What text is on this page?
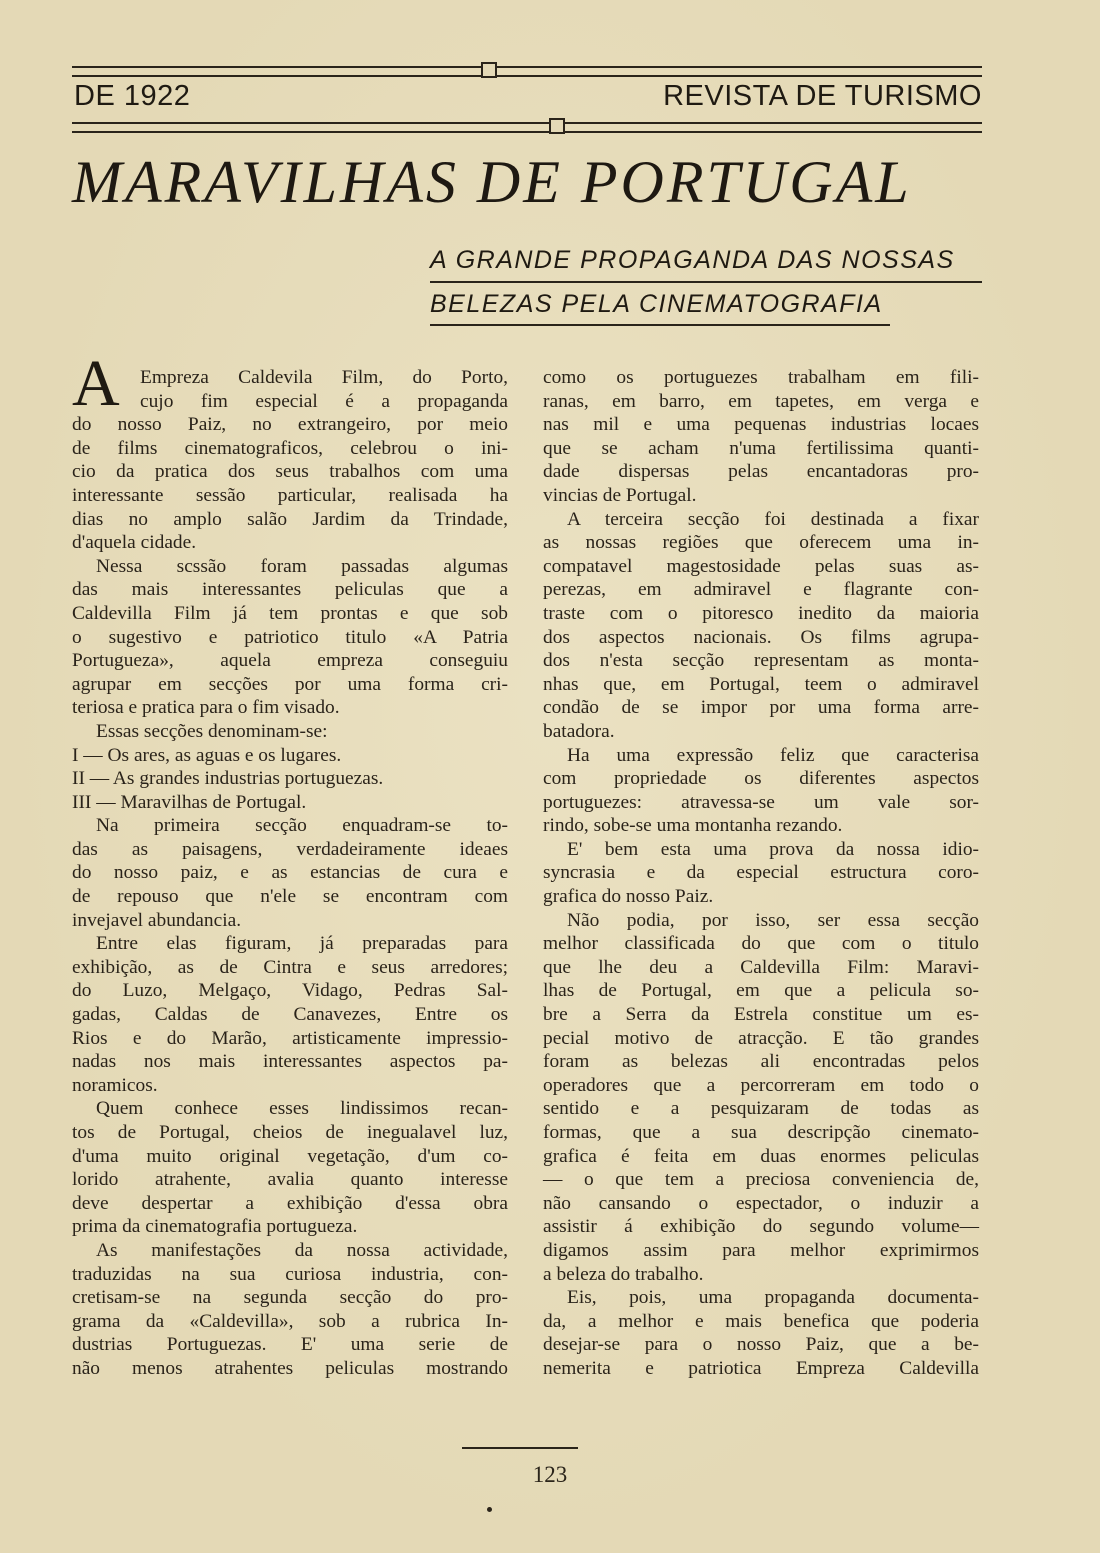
DE 1922	REVISTA DE TURISMO
MARAVILHAS DE PORTUGAL
A GRANDE PROPAGANDA DAS NOSSAS
BELEZAS PELA CINEMATOGRAFIA
A	Empreza Caldevila Film, do Porto,
cujo fim especial é a propaganda
do nosso Paiz, no extrangeiro, por meio
de films cinematograficos, celebrou o ini-
cio da pratica dos seus trabalhos com uma
interessante sessão particular, realisada ha
dias no amplo salão Jardim da Trindade,
d'aquela cidade.
Nessa scssão foram passadas algumas
das mais interessantes peliculas que a
Caldevilla Film já tem prontas e que sob
o sugestivo e patriotico titulo «A Patria
Portugueza», aquela empreza conseguiu
agrupar em secções por uma forma cri-
teriosa e pratica para o fim visado.
Essas secções denominam-se:
I — Os ares, as aguas e os lugares.
II — As grandes industrias portuguezas.
III — Maravilhas de Portugal.
Na primeira secção enquadram-se to-
das as paisagens, verdadeiramente ideaes
do nosso paiz, e as estancias de cura e
de repouso que n'ele se encontram com
invejavel abundancia.
Entre elas figuram, já preparadas para
exhibição, as de Cintra e seus arredores;
do Luzo, Melgaço, Vidago, Pedras Sal-
gadas, Caldas de Canavezes, Entre os
Rios e do Marão, artisticamente impressio-
nadas nos mais interessantes aspectos pa-
noramicos.
Quem conhece esses lindissimos recan-
tos de Portugal, cheios de inegualavel luz,
d'uma muito original vegetação, d'um co-
lorido atrahente, avalia quanto interesse
deve despertar a exhibição d'essa obra
prima da cinematografia portugueza.
As manifestações da nossa actividade,
traduzidas na sua curiosa industria, con-
cretisam-se na segunda secção do pro-
grama da «Caldevilla», sob a rubrica In-
dustrias Portuguezas. E' uma serie de
não menos atrahentes peliculas mostrando
como os portuguezes trabalham em fili-
ranas, em barro, em tapetes, em verga e
nas mil e uma pequenas industrias locaes
que se acham n'uma fertilissima quanti-
dade dispersas pelas encantadoras pro-
vincias de Portugal.
A terceira secção foi destinada a fixar
as nossas regiões que oferecem uma in-
compatavel magestosidade pelas suas as-
perezas, em admiravel e flagrante con-
traste com o pitoresco inedito da maioria
dos aspectos nacionais. Os films agrupa-
dos n'esta secção representam as monta-
nhas que, em Portugal, teem o admiravel
condão de se impor por uma forma arre-
batadora.
Ha uma expressão feliz que caracterisa
com propriedade os diferentes aspectos
portuguezes: atravessa-se um vale sor-
rindo, sobe-se uma montanha rezando.
E' bem esta uma prova da nossa idio-
syncrasia e da especial estructura coro-
grafica do nosso Paiz.
Não podia, por isso, ser essa secção
melhor classificada do que com o titulo
que lhe deu a Caldevilla Film: Maravi-
lhas de Portugal, em que a pelicula so-
bre a Serra da Estrela constitue um es-
pecial motivo de atracção. E tão grandes
foram as belezas ali encontradas pelos
operadores que a percorreram em todo o
sentido e a pesquizaram de todas as
formas, que a sua descripção cinemato-
grafica é feita em duas enormes peliculas
— o que tem a preciosa conveniencia de,
não cansando o espectador, o induzir a
assistir á exhibição do segundo volume—
digamos assim para melhor exprimirmos
a beleza do trabalho.
Eis, pois, uma propaganda documenta-
da, a melhor e mais benefica que poderia
desejar-se para o nosso Paiz, que a be-
nemerita e patriotica Empreza Caldevilla
123
